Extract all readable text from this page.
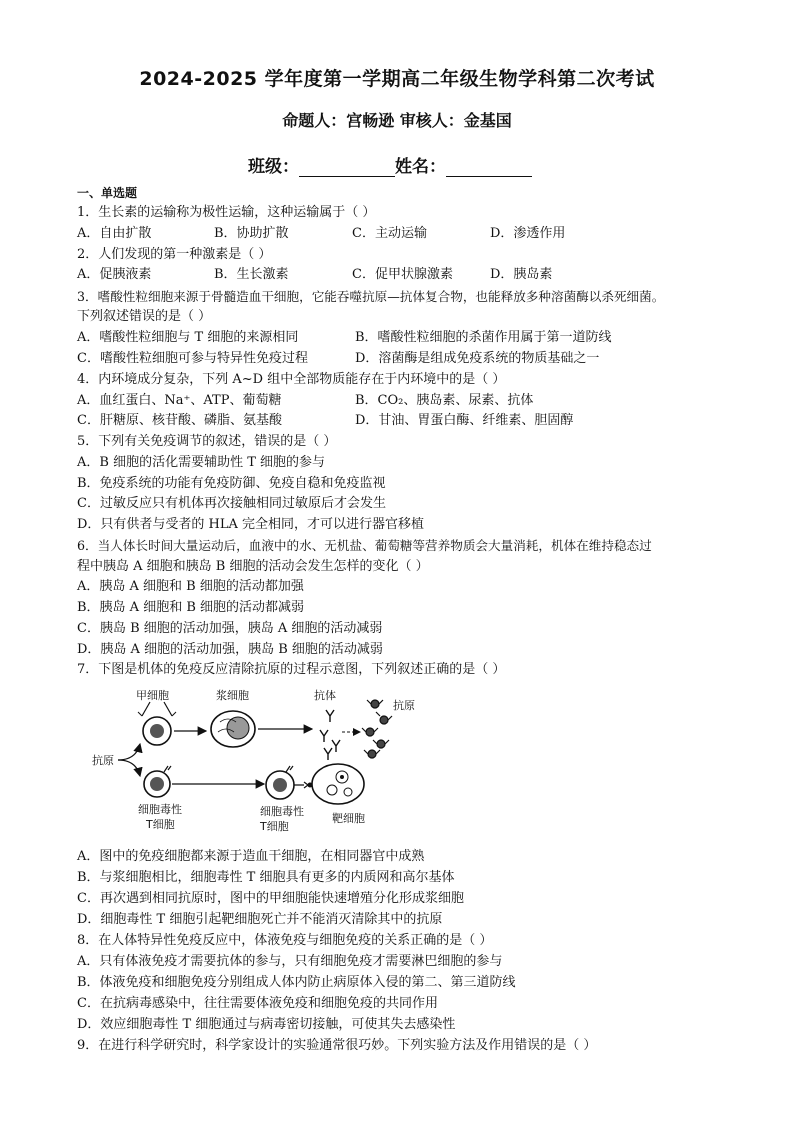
2024-2025 学年度第一学期高二年级生物学科第二次考试
命题人：宫畅逊 审核人：金基国
班级：	姓名：
一、单选题
1．生长素的运输称为极性运输，这种运输属于（ ）
A．自由扩散	B．协助扩散	C．主动运输	D．渗透作用
2．人们发现的第一种激素是（ ）
A．促胰液素	B．生长激素	C．促甲状腺激素	D．胰岛素
3．嗜酸性粒细胞来源于骨髓造血干细胞，它能吞噬抗原—抗体复合物，也能释放多种溶菌酶以杀死细菌。
下列叙述错误的是（ ）
A．嗜酸性粒细胞与 T 细胞的来源相同	B．嗜酸性粒细胞的杀菌作用属于第一道防线
C．嗜酸性粒细胞可参与特异性免疫过程	D．溶菌酶是组成免疫系统的物质基础之一
4．内环境成分复杂，下列 A~D 组中全部物质能存在于内环境中的是（ ）
A．血红蛋白、Na⁺、ATP、葡萄糖	B．CO₂、胰岛素、尿素、抗体
C．肝糖原、核苷酸、磷脂、氨基酸	D．甘油、胃蛋白酶、纤维素、胆固醇
5．下列有关免疫调节的叙述，错误的是（ ）
A．B 细胞的活化需要辅助性 T 细胞的参与
B．免疫系统的功能有免疫防御、免疫自稳和免疫监视
C．过敏反应只有机体再次接触相同过敏原后才会发生
D．只有供者与受者的 HLA 完全相同，才可以进行器官移植
6．当人体长时间大量运动后，血液中的水、无机盐、葡萄糖等营养物质会大量消耗，机体在维持稳态过
程中胰岛 A 细胞和胰岛 B 细胞的活动会发生怎样的变化（ ）
A．胰岛 A 细胞和 B 细胞的活动都加强
B．胰岛 A 细胞和 B 细胞的活动都减弱
C．胰岛 B 细胞的活动加强，胰岛 A 细胞的活动减弱
D．胰岛 A 细胞的活动加强，胰岛 B 细胞的活动减弱
7．下图是机体的免疫反应清除抗原的过程示意图，下列叙述正确的是（ ）
甲细胞	浆细胞	抗体
抗原
抗原
细胞毒性
T细胞
细胞毒性
T细胞
靶细胞
A．图中的免疫细胞都来源于造血干细胞，在相同器官中成熟
B．与浆细胞相比，细胞毒性 T 细胞具有更多的内质网和高尔基体
C．再次遇到相同抗原时，图中的甲细胞能快速增殖分化形成浆细胞
D．细胞毒性 T 细胞引起靶细胞死亡并不能消灭清除其中的抗原
8．在人体特异性免疫反应中，体液免疫与细胞免疫的关系正确的是（ ）
A．只有体液免疫才需要抗体的参与，只有细胞免疫才需要淋巴细胞的参与
B．体液免疫和细胞免疫分别组成人体内防止病原体入侵的第二、第三道防线
C．在抗病毒感染中，往往需要体液免疫和细胞免疫的共同作用
D．效应细胞毒性 T 细胞通过与病毒密切接触，可使其失去感染性
9．在进行科学研究时，科学家设计的实验通常很巧妙。下列实验方法及作用错误的是（ ）
